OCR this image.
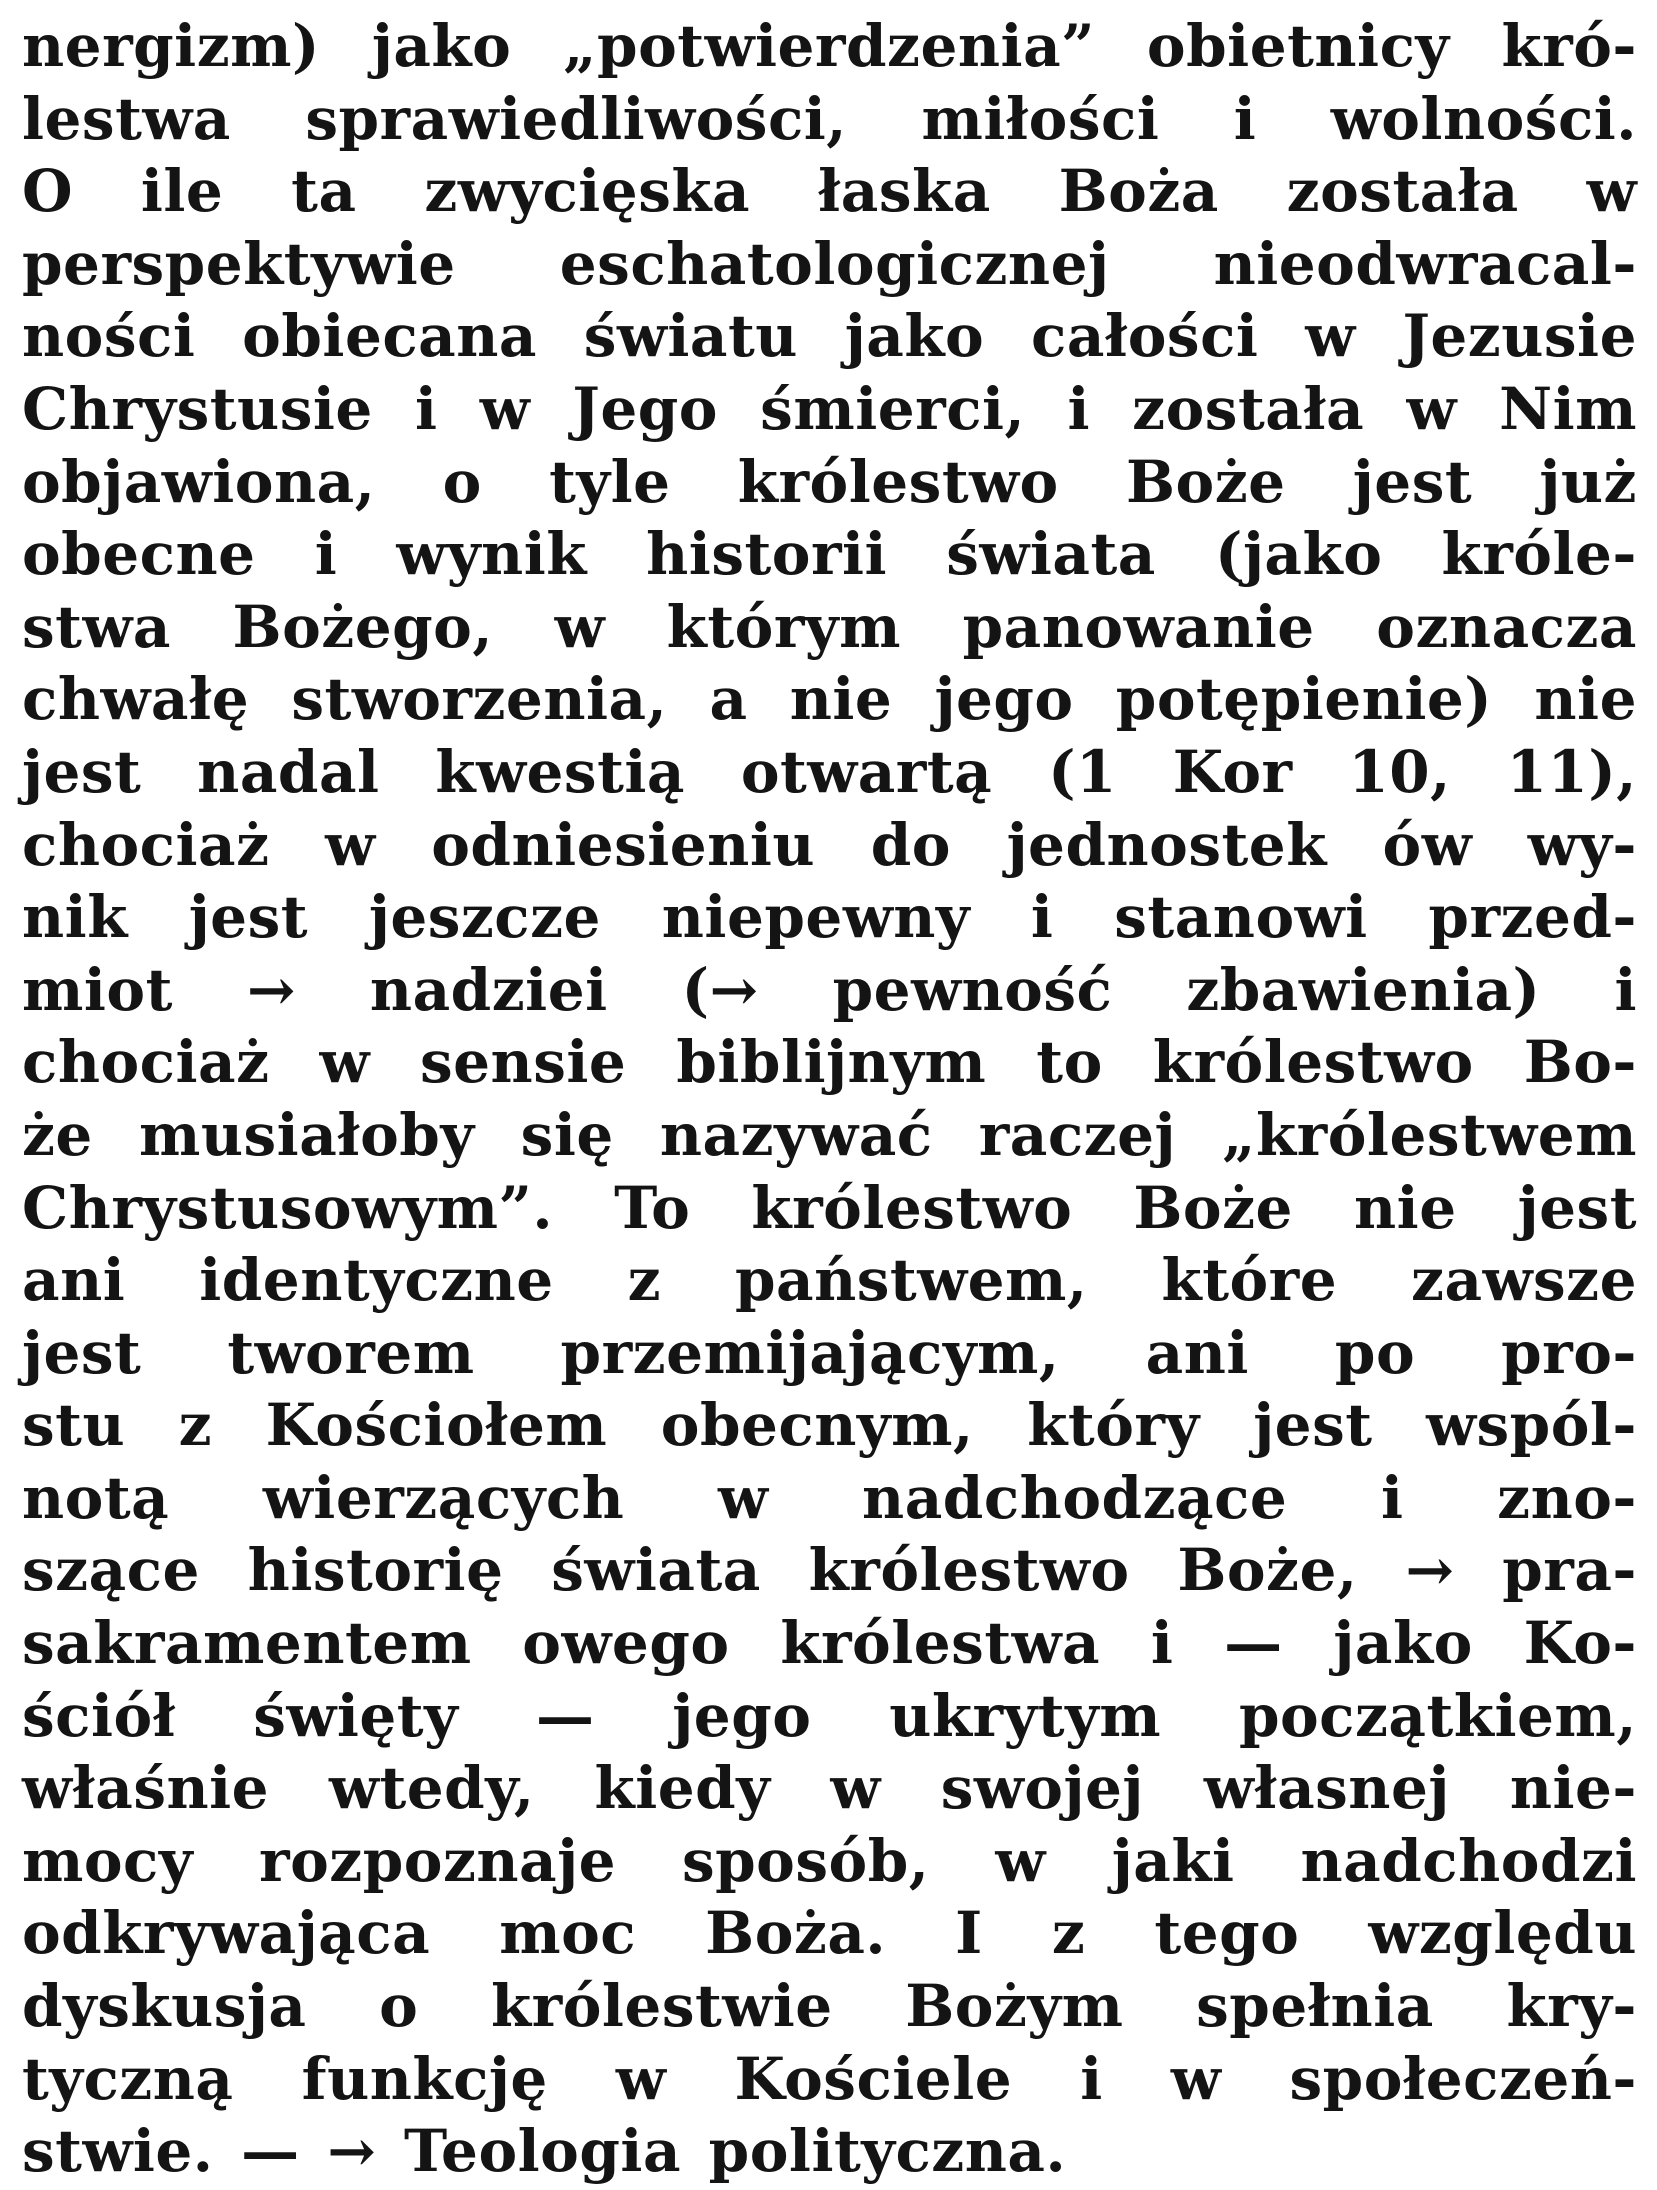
nergizm) jako „potwierdzenia” obietnicy kró-
lestwa sprawiedliwości, miłości i wolności.
O ile ta zwycięska łaska Boża została w
perspektywie eschatologicznej nieodwracal-
ności obiecana światu jako całości w Jezusie
Chrystusie i w Jego śmierci, i została w Nim
objawiona, o tyle królestwo Boże jest już
obecne i wynik historii świata (jako króle-
stwa Bożego, w którym panowanie oznacza
chwałę stworzenia, a nie jego potępienie) nie
jest nadal kwestią otwartą (1 Kor 10, 11),
chociaż w odniesieniu do jednostek ów wy-
nik jest jeszcze niepewny i stanowi przed-
miot → nadziei (→ pewność zbawienia) i
chociaż w sensie biblijnym to królestwo Bo-
że musiałoby się nazywać raczej „królestwem
Chrystusowym”. To królestwo Boże nie jest
ani identyczne z państwem, które zawsze
jest tworem przemijającym, ani po pro-
stu z Kościołem obecnym, który jest wspól-
notą wierzących w nadchodzące i zno-
szące historię świata królestwo Boże, → pra-
sakramentem owego królestwa i — jako Ko-
ściół święty — jego ukrytym początkiem,
właśnie wtedy, kiedy w swojej własnej nie-
mocy rozpoznaje sposób, w jaki nadchodzi
odkrywająca moc Boża. I z tego względu
dyskusja o królestwie Bożym spełnia kry-
tyczną funkcję w Kościele i w społeczeń-
stwie. — → Teologia polityczna.
